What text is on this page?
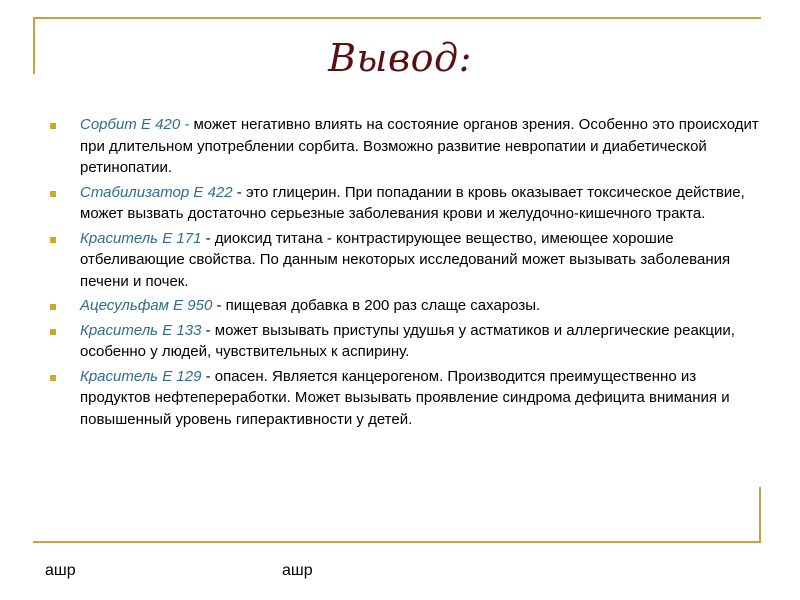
Вывод:
Сорбит Е 420 - может негативно влиять на состояние органов зрения. Особенно это происходит при длительном употреблении сорбита. Возможно развитие невропатии и диабетической ретинопатии.
Стабилизатор Е 422 - это глицерин. При попадании в кровь оказывает токсическое действие, может вызвать достаточно серьезные заболевания крови и желудочно-кишечного тракта.
Краситель Е 171 - диоксид титана - контрастирующее вещество, имеющее хорошие отбеливающие свойства. По данным некоторых исследований может вызывать заболевания печени и почек.
Ацесульфам Е 950 - пищевая добавка в 200 раз слаще сахарозы.
Краситель Е 133 - может вызывать приступы удушья у астматиков и аллергические реакции, особенно у людей, чувствительных к аспирину.
Краситель Е 129 - опасен. Является канцерогеном. Производится преимущественно из продуктов нефтепереработки. Может вызывать проявление синдрома дефицита внимания и повышенный уровень гиперактивности у детей.
ашр	ашр
